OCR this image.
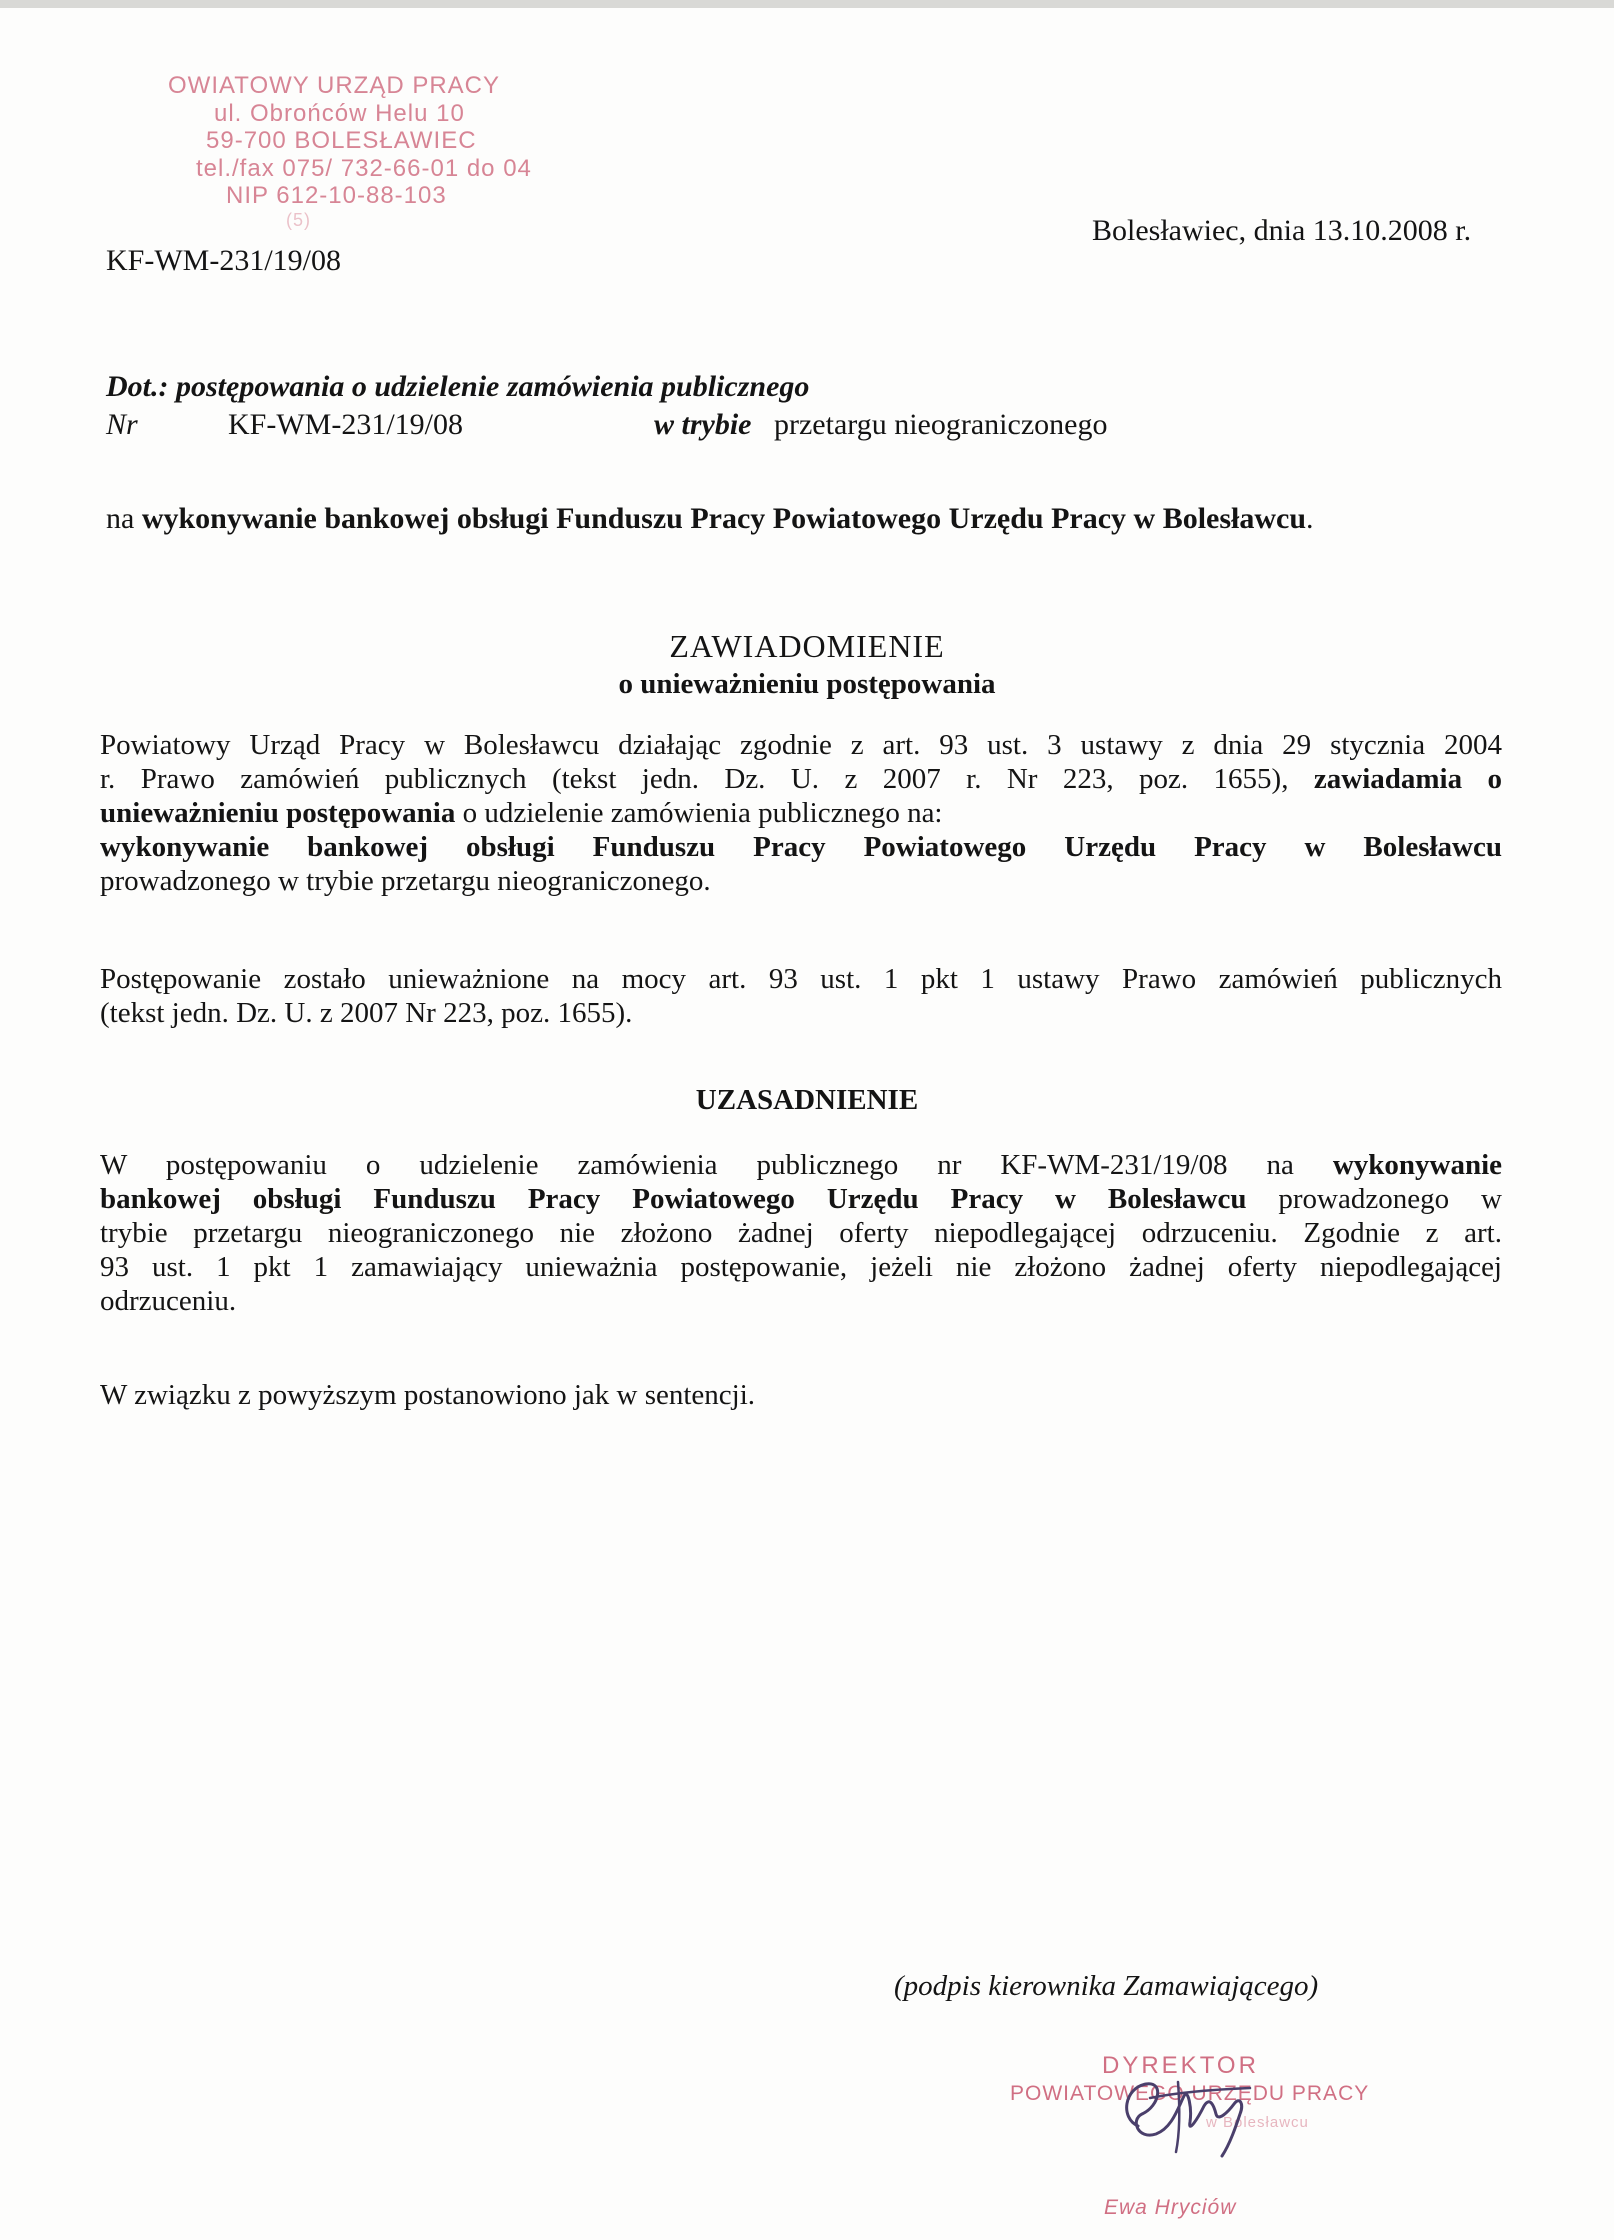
OWIATOWY URZĄD PRACY
ul. Obrońców Helu 10
59-700 BOLESŁAWIEC
tel./fax 075/ 732-66-01 do 04
NIP 612-10-88-103
(5)
KF-WM-231/19/08
Bolesławiec, dnia 13.10.2008 r.
Dot.: postępowania o udzielenie zamówienia publicznego
Nr	KF-WM-231/19/08	w trybie przetargu nieograniczonego
na wykonywanie bankowej obsługi Funduszu Pracy Powiatowego Urzędu Pracy w Bolesławcu.
ZAWIADOMIENIE
o unieważnieniu postępowania
Powiatowy Urząd Pracy w Bolesławcu działając zgodnie z art. 93 ust. 3 ustawy z dnia 29 stycznia 2004
r. Prawo zamówień publicznych (tekst jedn. Dz. U. z 2007 r. Nr 223, poz. 1655), zawiadamia o
unieważnieniu postępowania o udzielenie zamówienia publicznego na:
wykonywanie bankowej obsługi Funduszu Pracy Powiatowego Urzędu Pracy w Bolesławcu
prowadzonego w trybie przetargu nieograniczonego.
Postępowanie zostało unieważnione na mocy art. 93 ust. 1 pkt 1 ustawy Prawo zamówień publicznych
(tekst jedn. Dz. U. z 2007 Nr 223, poz. 1655).
UZASADNIENIE
W postępowaniu o udzielenie zamówienia publicznego nr KF-WM-231/19/08 na wykonywanie
bankowej obsługi Funduszu Pracy Powiatowego Urzędu Pracy w Bolesławcu prowadzonego w
trybie przetargu nieograniczonego nie złożono żadnej oferty niepodlegającej odrzuceniu. Zgodnie z art.
93 ust. 1 pkt 1 zamawiający unieważnia postępowanie, jeżeli nie złożono żadnej oferty niepodlegającej
odrzuceniu.
W związku z powyższym postanowiono jak w sentencji.
(podpis kierownika Zamawiającego)
DYREKTOR
POWIATOWEGO URZĘDU PRACY
w Bolesławcu
Ewa Hryciów
